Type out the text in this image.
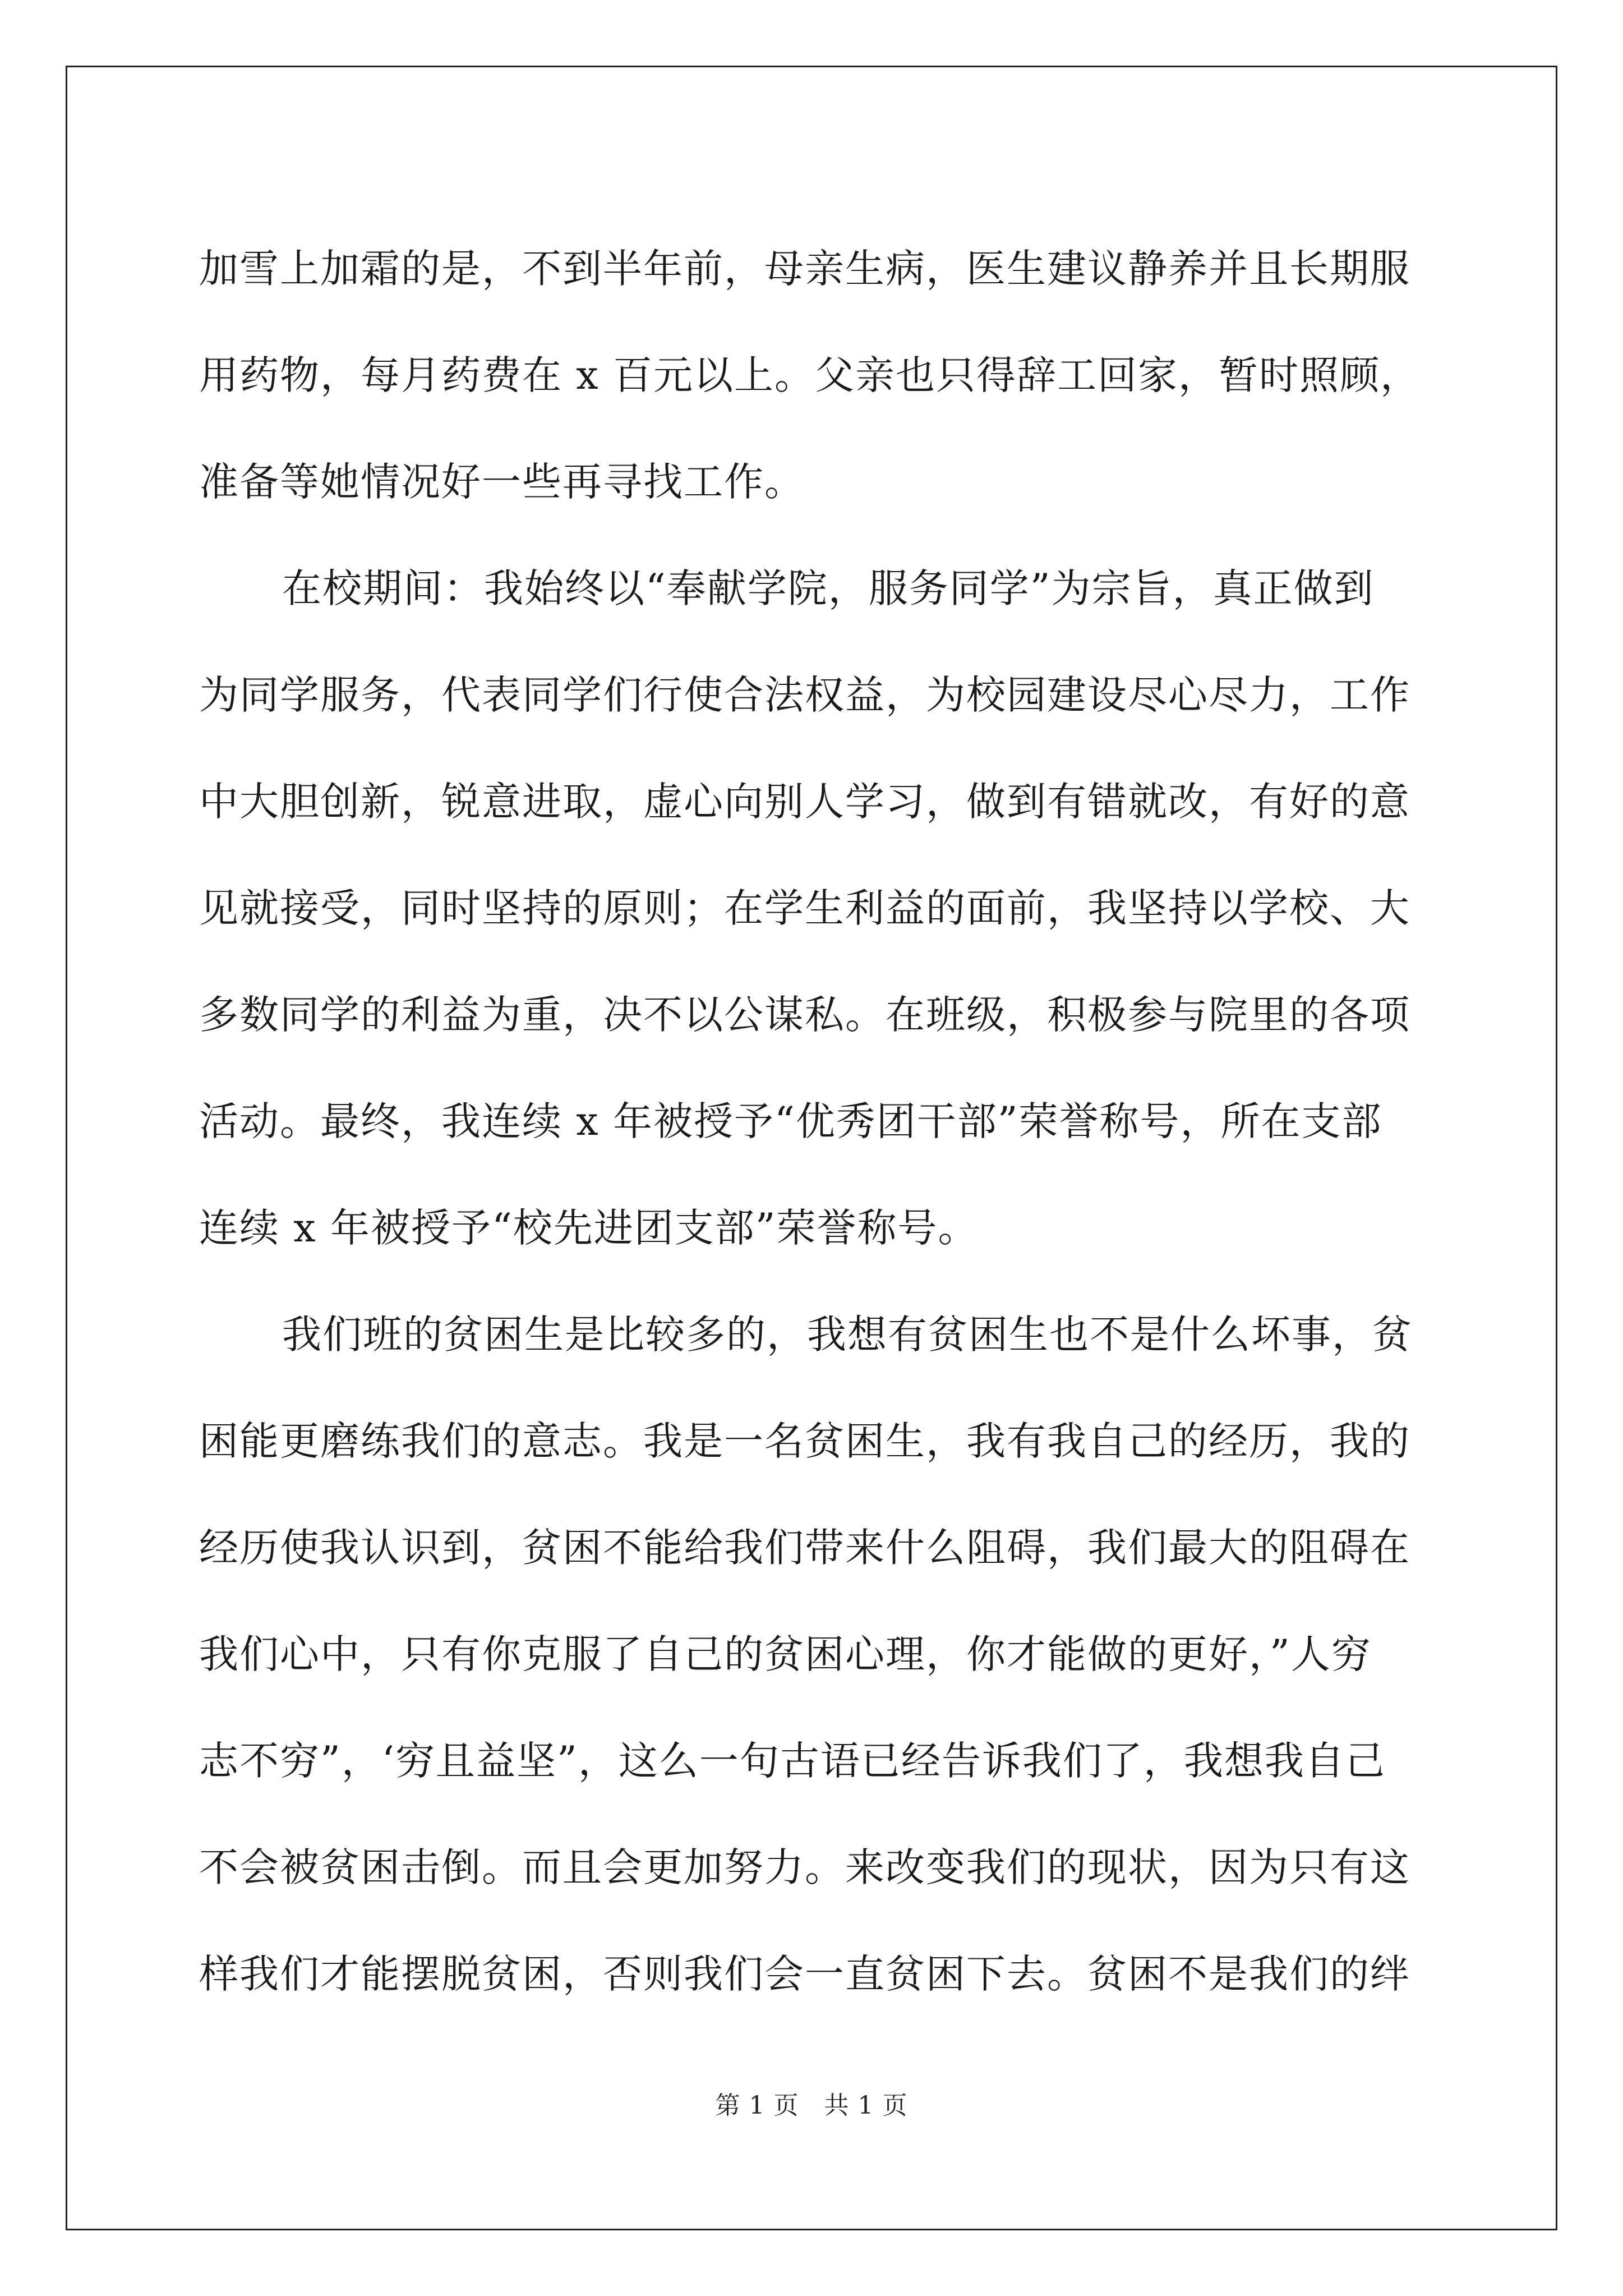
加雪上加霜的是，不到半年前，母亲生病，医生建议静养并且长期服
用药物，每月药费在 x 百元以上。父亲也只得辞工回家，暂时照顾，
准备等她情况好一些再寻找工作。
在校期间：我始终以“奉献学院，服务同学”为宗旨，真正做到
为同学服务，代表同学们行使合法权益，为校园建设尽心尽力，工作
中大胆创新，锐意进取，虚心向别人学习，做到有错就改，有好的意
见就接受，同时坚持的原则；在学生利益的面前，我坚持以学校、大
多数同学的利益为重，决不以公谋私。在班级，积极参与院里的各项
活动。最终，我连续 x 年被授予“优秀团干部”荣誉称号，所在支部
连续 x 年被授予“校先进团支部”荣誉称号。
我们班的贫困生是比较多的，我想有贫困生也不是什么坏事，贫
困能更磨练我们的意志。我是一名贫困生，我有我自己的经历，我的
经历使我认识到，贫困不能给我们带来什么阻碍，我们最大的阻碍在
我们心中，只有你克服了自己的贫困心理，你才能做的更好，”人穷
志不穷”，‘穷且益坚”，这么一句古语已经告诉我们了，我想我自己
不会被贫困击倒。而且会更加努力。来改变我们的现状，因为只有这
样我们才能摆脱贫困，否则我们会一直贫困下去。贫困不是我们的绊
第 1 页　共 1 页
